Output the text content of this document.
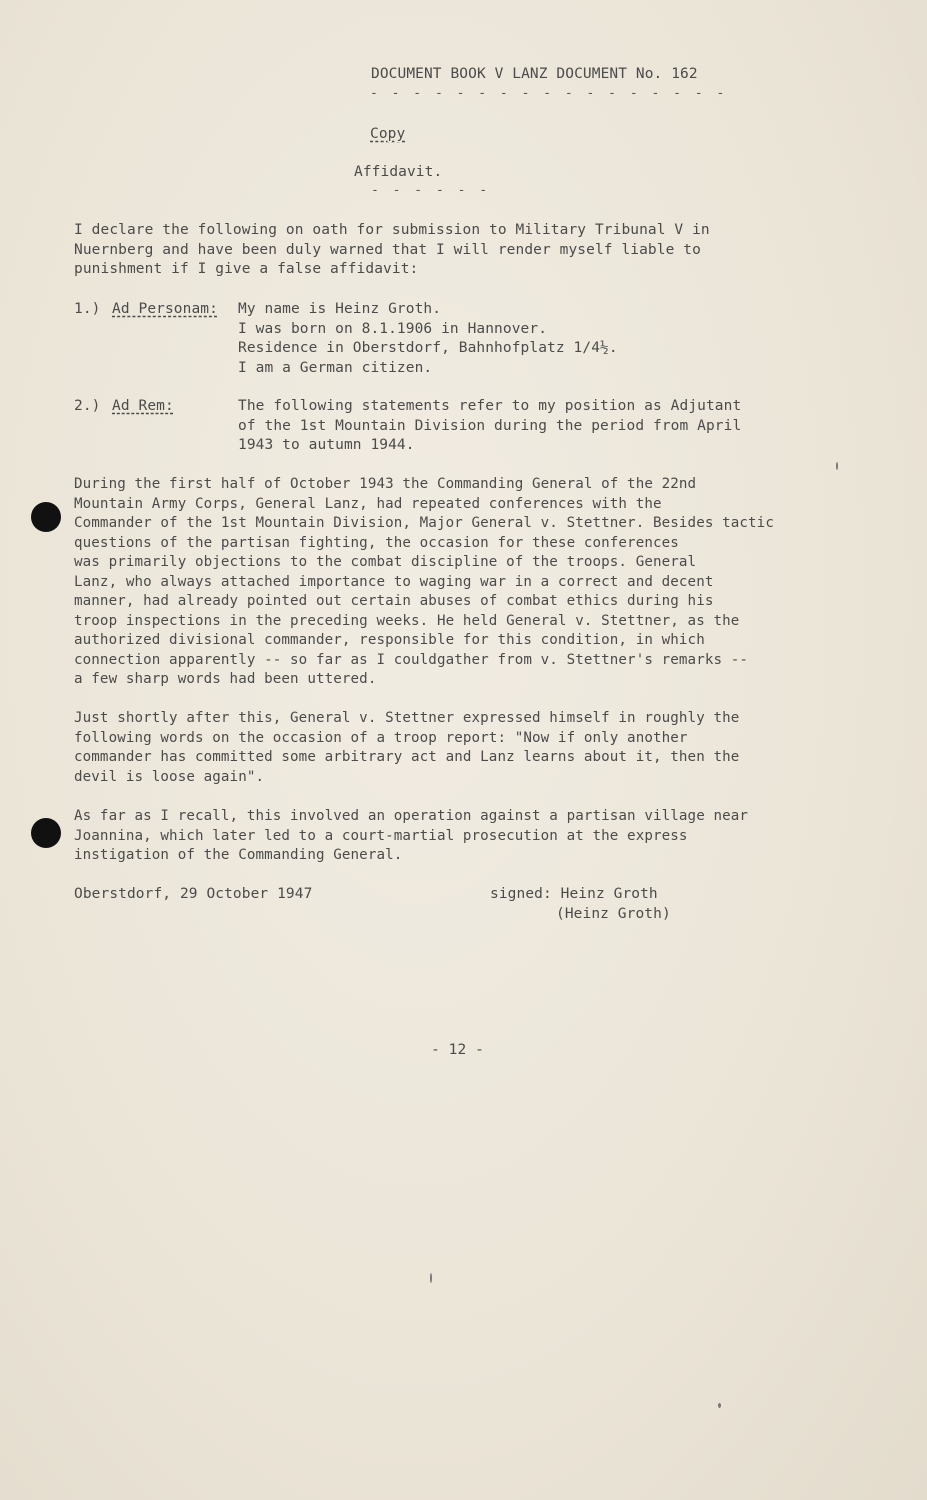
DOCUMENT BOOK V LANZ DOCUMENT No. 162
- - - - - - - - - - - - - - - - -
Copy
Affidavit.
- - - - - -

I declare the following on oath for submission to Military Tribunal V in

Nuernberg and have been duly warned that I will render myself liable to

punishment if I give a false affidavit:

1.) Ad Personam:

My name is Heinz Groth.

I was born on 8.1.1906 in Hannover.

Residence in Oberstdorf, Bahnhofplatz 1/4½.

I am a German citizen.

2.) Ad Rem:

	The following statements refer to my position as Adjutant

of the 1st Mountain Division during the period from April

1943 to autumn 1944.

During the first half of October 1943 the Commanding General of the 22nd

Mountain Army Corps, General Lanz, had repeated conferences with the

Commander of the 1st Mountain Division, Major General v. Stettner. Besides tactic

questions of the partisan fighting, the occasion for these conferences

was primarily objections to the combat discipline of the troops. General

Lanz, who always attached importance to waging war in a correct and decent

manner, had already pointed out certain abuses of combat ethics during his

troop inspections in the preceding weeks. He held General v. Stettner, as the

authorized divisional commander, responsible for this condition, in which

connection apparently -- so far as I couldgather from v. Stettner's remarks --

a few sharp words had been uttered.

Just shortly after this, General v. Stettner expressed himself in roughly the

following words on the occasion of a troop report: "Now if only another

commander has committed some arbitrary act and Lanz learns about it, then the

devil is loose again".

As far as I recall, this involved an operation against a partisan village near

Joannina, which later led to a court-martial prosecution at the express

instigation of the Commanding General.

Oberstdorf, 29 October 1947	signed: Heinz Groth
(Heinz Groth)
- 12 -
